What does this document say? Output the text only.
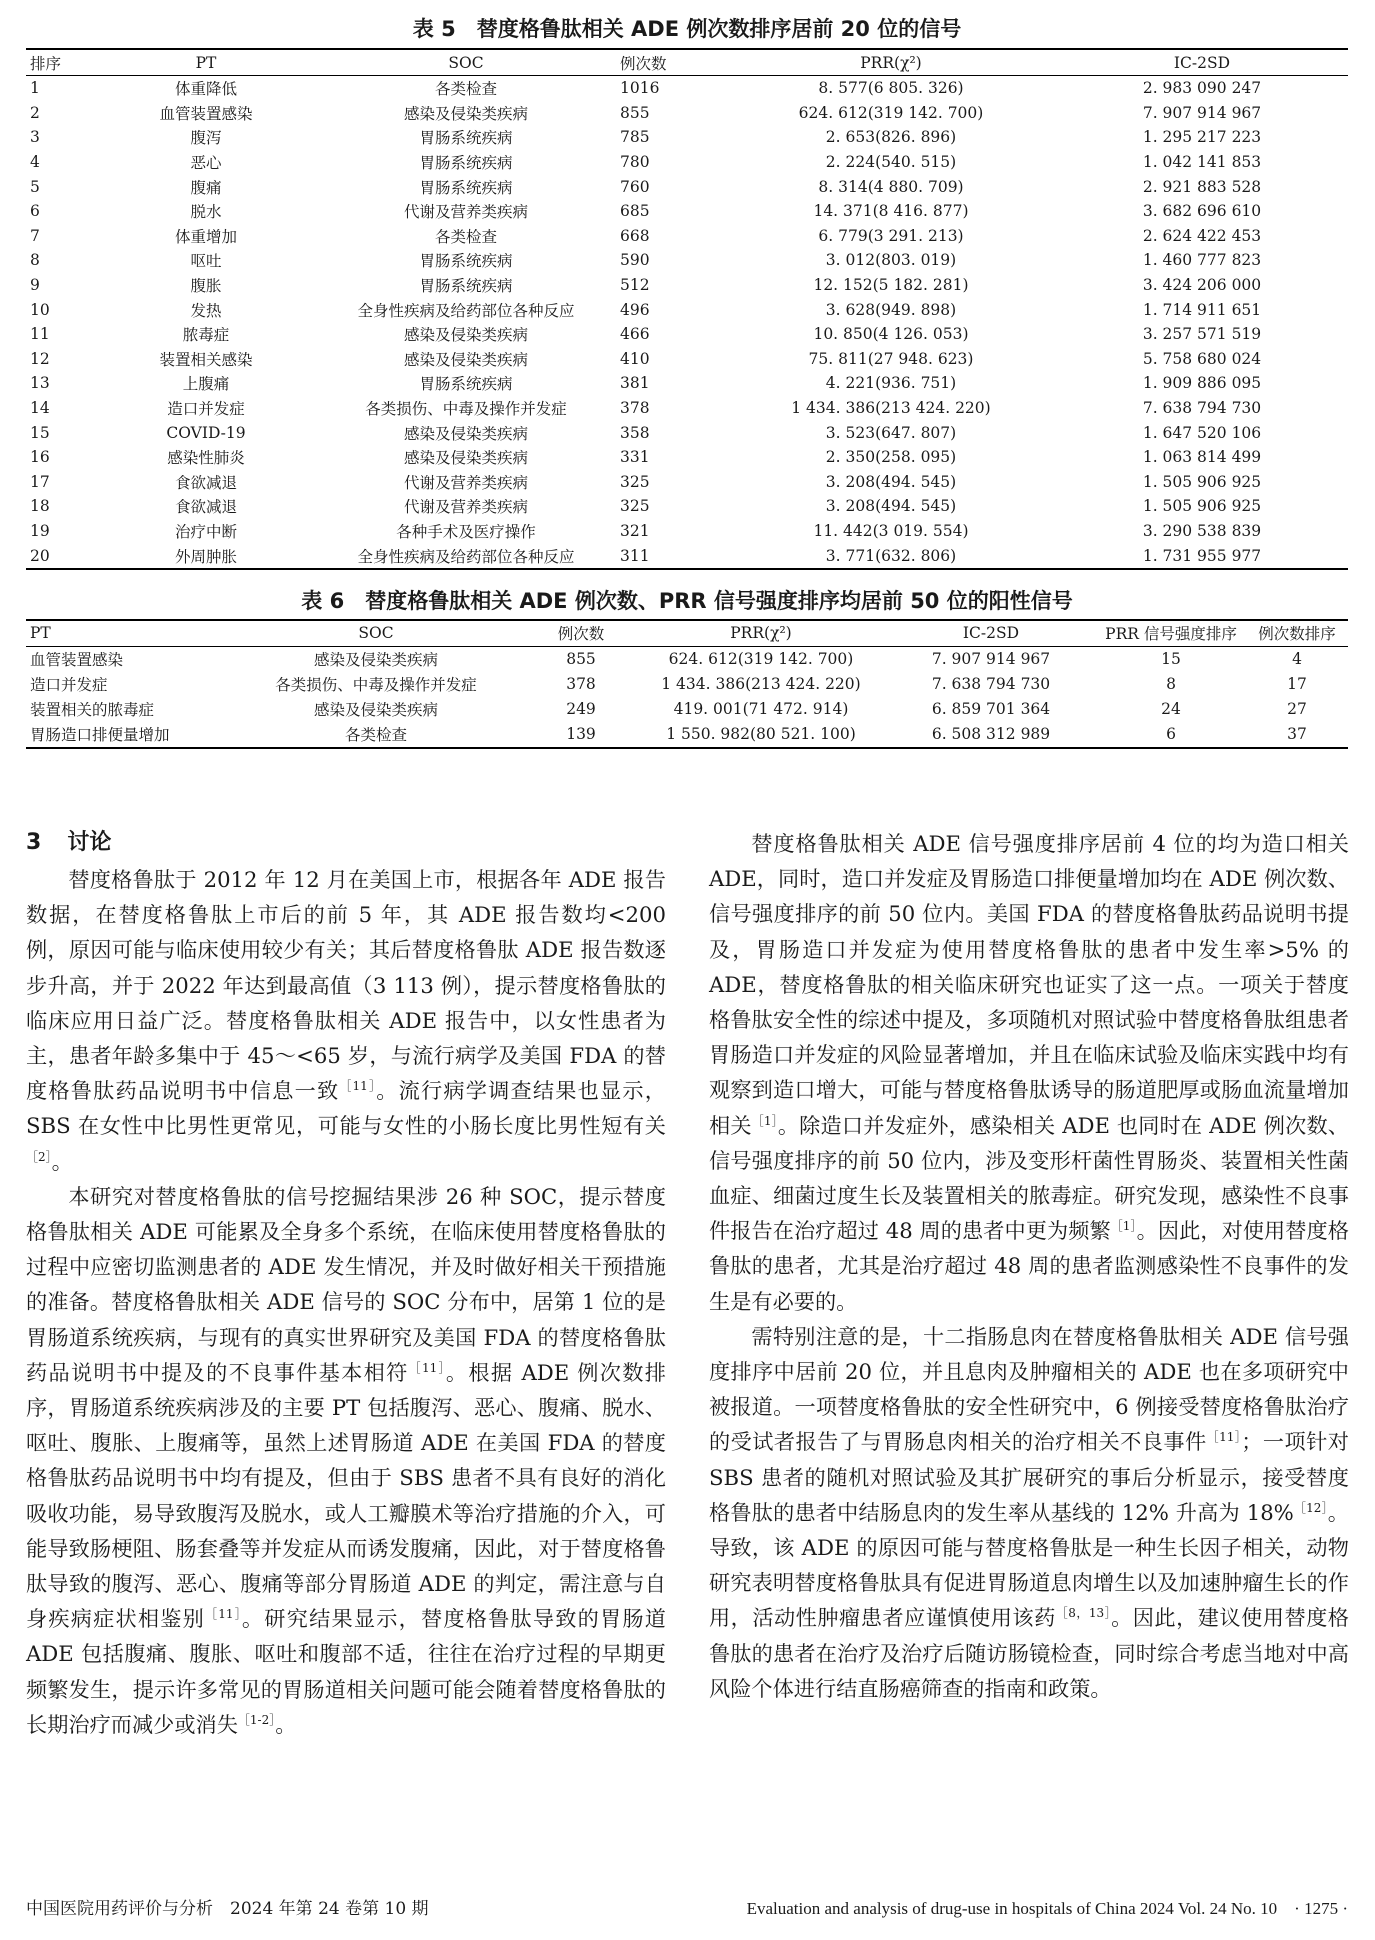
表 5　替度格鲁肽相关 ADE 例次数排序居前 20 位的信号

排序	PT	SOC	例次数	PRR(χ²)	IC-2SD
1	体重降低	各类检查	1016	8. 577(6 805. 326)	2. 983 090 247
2	血管装置感染	感染及侵染类疾病	855	624. 612(319 142. 700)	7. 907 914 967
3	腹泻	胃肠系统疾病	785	2. 653(826. 896)	1. 295 217 223
4	恶心	胃肠系统疾病	780	2. 224(540. 515)	1. 042 141 853
5	腹痛	胃肠系统疾病	760	8. 314(4 880. 709)	2. 921 883 528
6	脱水	代谢及营养类疾病	685	14. 371(8 416. 877)	3. 682 696 610
7	体重增加	各类检查	668	6. 779(3 291. 213)	2. 624 422 453
8	呕吐	胃肠系统疾病	590	3. 012(803. 019)	1. 460 777 823
9	腹胀	胃肠系统疾病	512	12. 152(5 182. 281)	3. 424 206 000
10	发热	全身性疾病及给药部位各种反应	496	3. 628(949. 898)	1. 714 911 651
11	脓毒症	感染及侵染类疾病	466	10. 850(4 126. 053)	3. 257 571 519
12	装置相关感染	感染及侵染类疾病	410	75. 811(27 948. 623)	5. 758 680 024
13	上腹痛	胃肠系统疾病	381	4. 221(936. 751)	1. 909 886 095
14	造口并发症	各类损伤、中毒及操作并发症	378	1 434. 386(213 424. 220)	7. 638 794 730
15	COVID-19	感染及侵染类疾病	358	3. 523(647. 807)	1. 647 520 106
16	感染性肺炎	感染及侵染类疾病	331	2. 350(258. 095)	1. 063 814 499
17	食欲减退	代谢及营养类疾病	325	3. 208(494. 545)	1. 505 906 925
18	食欲减退	代谢及营养类疾病	325	3. 208(494. 545)	1. 505 906 925
19	治疗中断	各种手术及医疗操作	321	11. 442(3 019. 554)	3. 290 538 839
20	外周肿胀	全身性疾病及给药部位各种反应	311	3. 771(632. 806)	1. 731 955 977

表 6　替度格鲁肽相关 ADE 例次数、PRR 信号强度排序均居前 50 位的阳性信号

PT	SOC	例次数	PRR(χ²)	IC-2SD	PRR 信号强度排序	例次数排序
血管装置感染	感染及侵染类疾病	855	624. 612(319 142. 700)	7. 907 914 967	15	4
造口并发症	各类损伤、中毒及操作并发症	378	1 434. 386(213 424. 220)	7. 638 794 730	8	17
装置相关的脓毒症	感染及侵染类疾病	249	419. 001(71 472. 914)	6. 859 701 364	24	27
胃肠造口排便量增加	各类检查	139	1 550. 982(80 521. 100)	6. 508 312 989	6	37
3 讨论

替度格鲁肽于 2012 年 12 月在美国上市，根据各年 ADE 报告数据，在替度格鲁肽上市后的前 5 年，其 ADE 报告数均<200 例，原因可能与临床使用较少有关；其后替度格鲁肽 ADE 报告数逐步升高，并于 2022 年达到最高值（3 113 例），提示替度格鲁肽的临床应用日益广泛。替度格鲁肽相关 ADE 报告中，以女性患者为主，患者年龄多集中于 45～<65 岁，与流行病学及美国 FDA 的替度格鲁肽药品说明书中信息一致$^{[11]}$。流行病学调查结果也显示，SBS 在女性中比男性更常见，可能与女性的小肠长度比男性短有关$^{[2]}$。

本研究对替度格鲁肽的信号挖掘结果涉 26 种 SOC，提示替度格鲁肽相关 ADE 可能累及全身多个系统，在临床使用替度格鲁肽的过程中应密切监测患者的 ADE 发生情况，并及时做好相关干预措施的准备。替度格鲁肽相关 ADE 信号的 SOC 分布中，居第 1 位的是胃肠道系统疾病，与现有的真实世界研究及美国 FDA 的替度格鲁肽药品说明书中提及的不良事件基本相符$^{[11]}$。根据 ADE 例次数排序，胃肠道系统疾病涉及的主要 PT 包括腹泻、恶心、腹痛、脱水、呕吐、腹胀、上腹痛等，虽然上述胃肠道 ADE 在美国 FDA 的替度格鲁肽药品说明书中均有提及，但由于 SBS 患者不具有良好的消化吸收功能，易导致腹泻及脱水，或人工瓣膜术等治疗措施的介入，可能导致肠梗阻、肠套叠等并发症从而诱发腹痛，因此，对于替度格鲁肽导致的腹泻、恶心、腹痛等部分胃肠道 ADE 的判定，需注意与自身疾病症状相鉴别$^{[11]}$。研究结果显示，替度格鲁肽导致的胃肠道 ADE 包括腹痛、腹胀、呕吐和腹部不适，往往在治疗过程的早期更频繁发生，提示许多常见的胃肠道相关问题可能会随着替度格鲁肽的长期治疗而减少或消失$^{[1-2]}$。

替度格鲁肽相关 ADE 信号强度排序居前 4 位的均为造口相关 ADE，同时，造口并发症及胃肠造口排便量增加均在 ADE 例次数、信号强度排序的前 50 位内。美国 FDA 的替度格鲁肽药品说明书提及，胃肠造口并发症为使用替度格鲁肽的患者中发生率>5% 的 ADE，替度格鲁肽的相关临床研究也证实了这一点。一项关于替度格鲁肽安全性的综述中提及，多项随机对照试验中替度格鲁肽组患者胃肠造口并发症的风险显著增加，并且在临床试验及临床实践中均有观察到造口增大，可能与替度格鲁肽诱导的肠道肥厚或肠血流量增加相关$^{[1]}$。除造口并发症外，感染相关 ADE 也同时在 ADE 例次数、信号强度排序的前 50 位内，涉及变形杆菌性胃肠炎、装置相关性菌血症、细菌过度生长及装置相关的脓毒症。研究发现，感染性不良事件报告在治疗超过 48 周的患者中更为频繁$^{[1]}$。因此，对使用替度格鲁肽的患者，尤其是治疗超过 48 周的患者监测感染性不良事件的发生是有必要的。

需特别注意的是，十二指肠息肉在替度格鲁肽相关 ADE 信号强度排序中居前 20 位，并且息肉及肿瘤相关的 ADE 也在多项研究中被报道。一项替度格鲁肽的安全性研究中，6 例接受替度格鲁肽治疗的受试者报告了与胃肠息肉相关的治疗相关不良事件$^{[11]}$；一项针对 SBS 患者的随机对照试验及其扩展研究的事后分析显示，接受替度格鲁肽的患者中结肠息肉的发生率从基线的 12% 升高为 18%$^{[12]}$。导致，该 ADE 的原因可能与替度格鲁肽是一种生长因子相关，动物研究表明替度格鲁肽具有促进胃肠道息肉增生以及加速肿瘤生长的作用，活动性肿瘤患者应谨慎使用该药$^{[8,13]}$。因此，建议使用替度格鲁肽的患者在治疗及治疗后随访肠镜检查，同时综合考虑当地对中高风险个体进行结直肠癌筛查的指南和政策。

中国医院用药评价与分析　2024 年第 24 卷第 10 期	Evaluation and analysis of drug-use in hospitals of China 2024 Vol. 24 No. 10　· 1275 ·
